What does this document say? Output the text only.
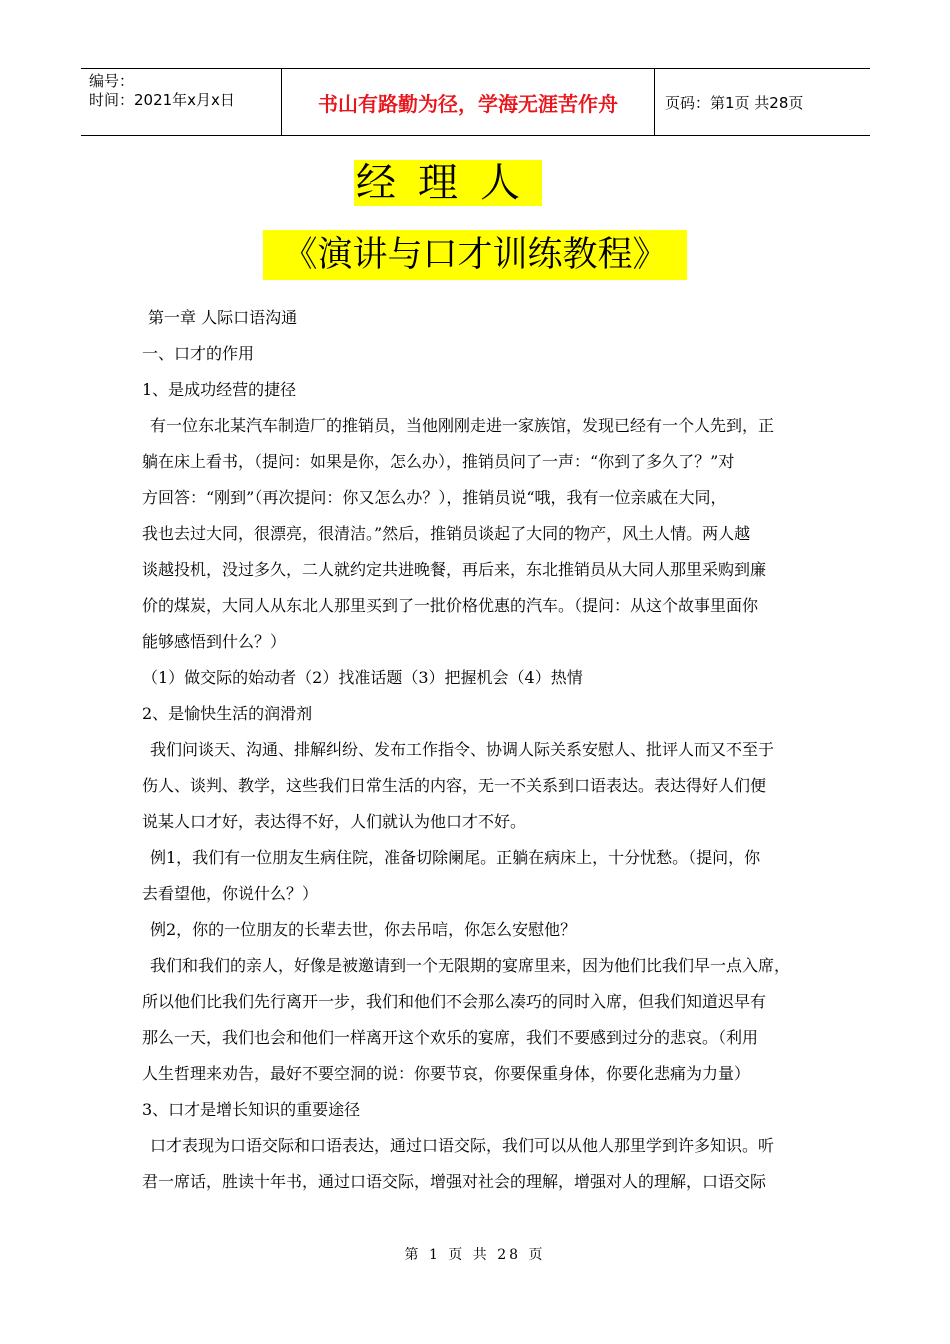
编号：
时间：2021年x月x日	书山有路勤为径，学海无涯苦作舟	页码：第1页 共28页
经理人
《演讲与口才训练教程》

第一章 人际口语沟通

一、口才的作用

1、是成功经营的捷径

有一位东北某汽车制造厂的推销员，当他刚刚走进一家族馆，发现已经有一个人先到，正

躺在床上看书，（提问：如果是你，怎么办），推销员问了一声：“你到了多久了？”对

方回答：“刚到”（再次提问：你又怎么办？），推销员说“哦，我有一位亲戚在大同，

我也去过大同，很漂亮，很清洁。”然后，推销员谈起了大同的物产，风土人情。两人越

谈越投机，没过多久，二人就约定共进晚餐，再后来，东北推销员从大同人那里采购到廉

价的煤炭，大同人从东北人那里买到了一批价格优惠的汽车。（提问：从这个故事里面你

能够感悟到什么？）

（1）做交际的始动者（2）找准话题（3）把握机会（4）热情

2、是愉快生活的润滑剂

我们问谈天、沟通、排解纠纷、发布工作指令、协调人际关系安慰人、批评人而又不至于

伤人、谈判、教学，这些我们日常生活的内容，无一不关系到口语表达。表达得好人们便

说某人口才好，表达得不好，人们就认为他口才不好。

例1，我们有一位朋友生病住院，准备切除阑尾。正躺在病床上，十分忧愁。（提问，你

去看望他，你说什么？）

例2，你的一位朋友的长辈去世，你去吊唁，你怎么安慰他？

我们和我们的亲人，好像是被邀请到一个无限期的宴席里来，因为他们比我们早一点入席，

所以他们比我们先行离开一步，我们和他们不会那么凑巧的同时入席，但我们知道迟早有

那么一天，我们也会和他们一样离开这个欢乐的宴席，我们不要感到过分的悲哀。（利用

人生哲理来劝告，最好不要空洞的说：你要节哀，你要保重身体，你要化悲痛为力量）

3、口才是增长知识的重要途径

口才表现为口语交际和口语表达，通过口语交际，我们可以从他人那里学到许多知识。听

君一席话，胜读十年书，通过口语交际，增强对社会的理解，增强对人的理解，口语交际

第 1 页 共 28 页
